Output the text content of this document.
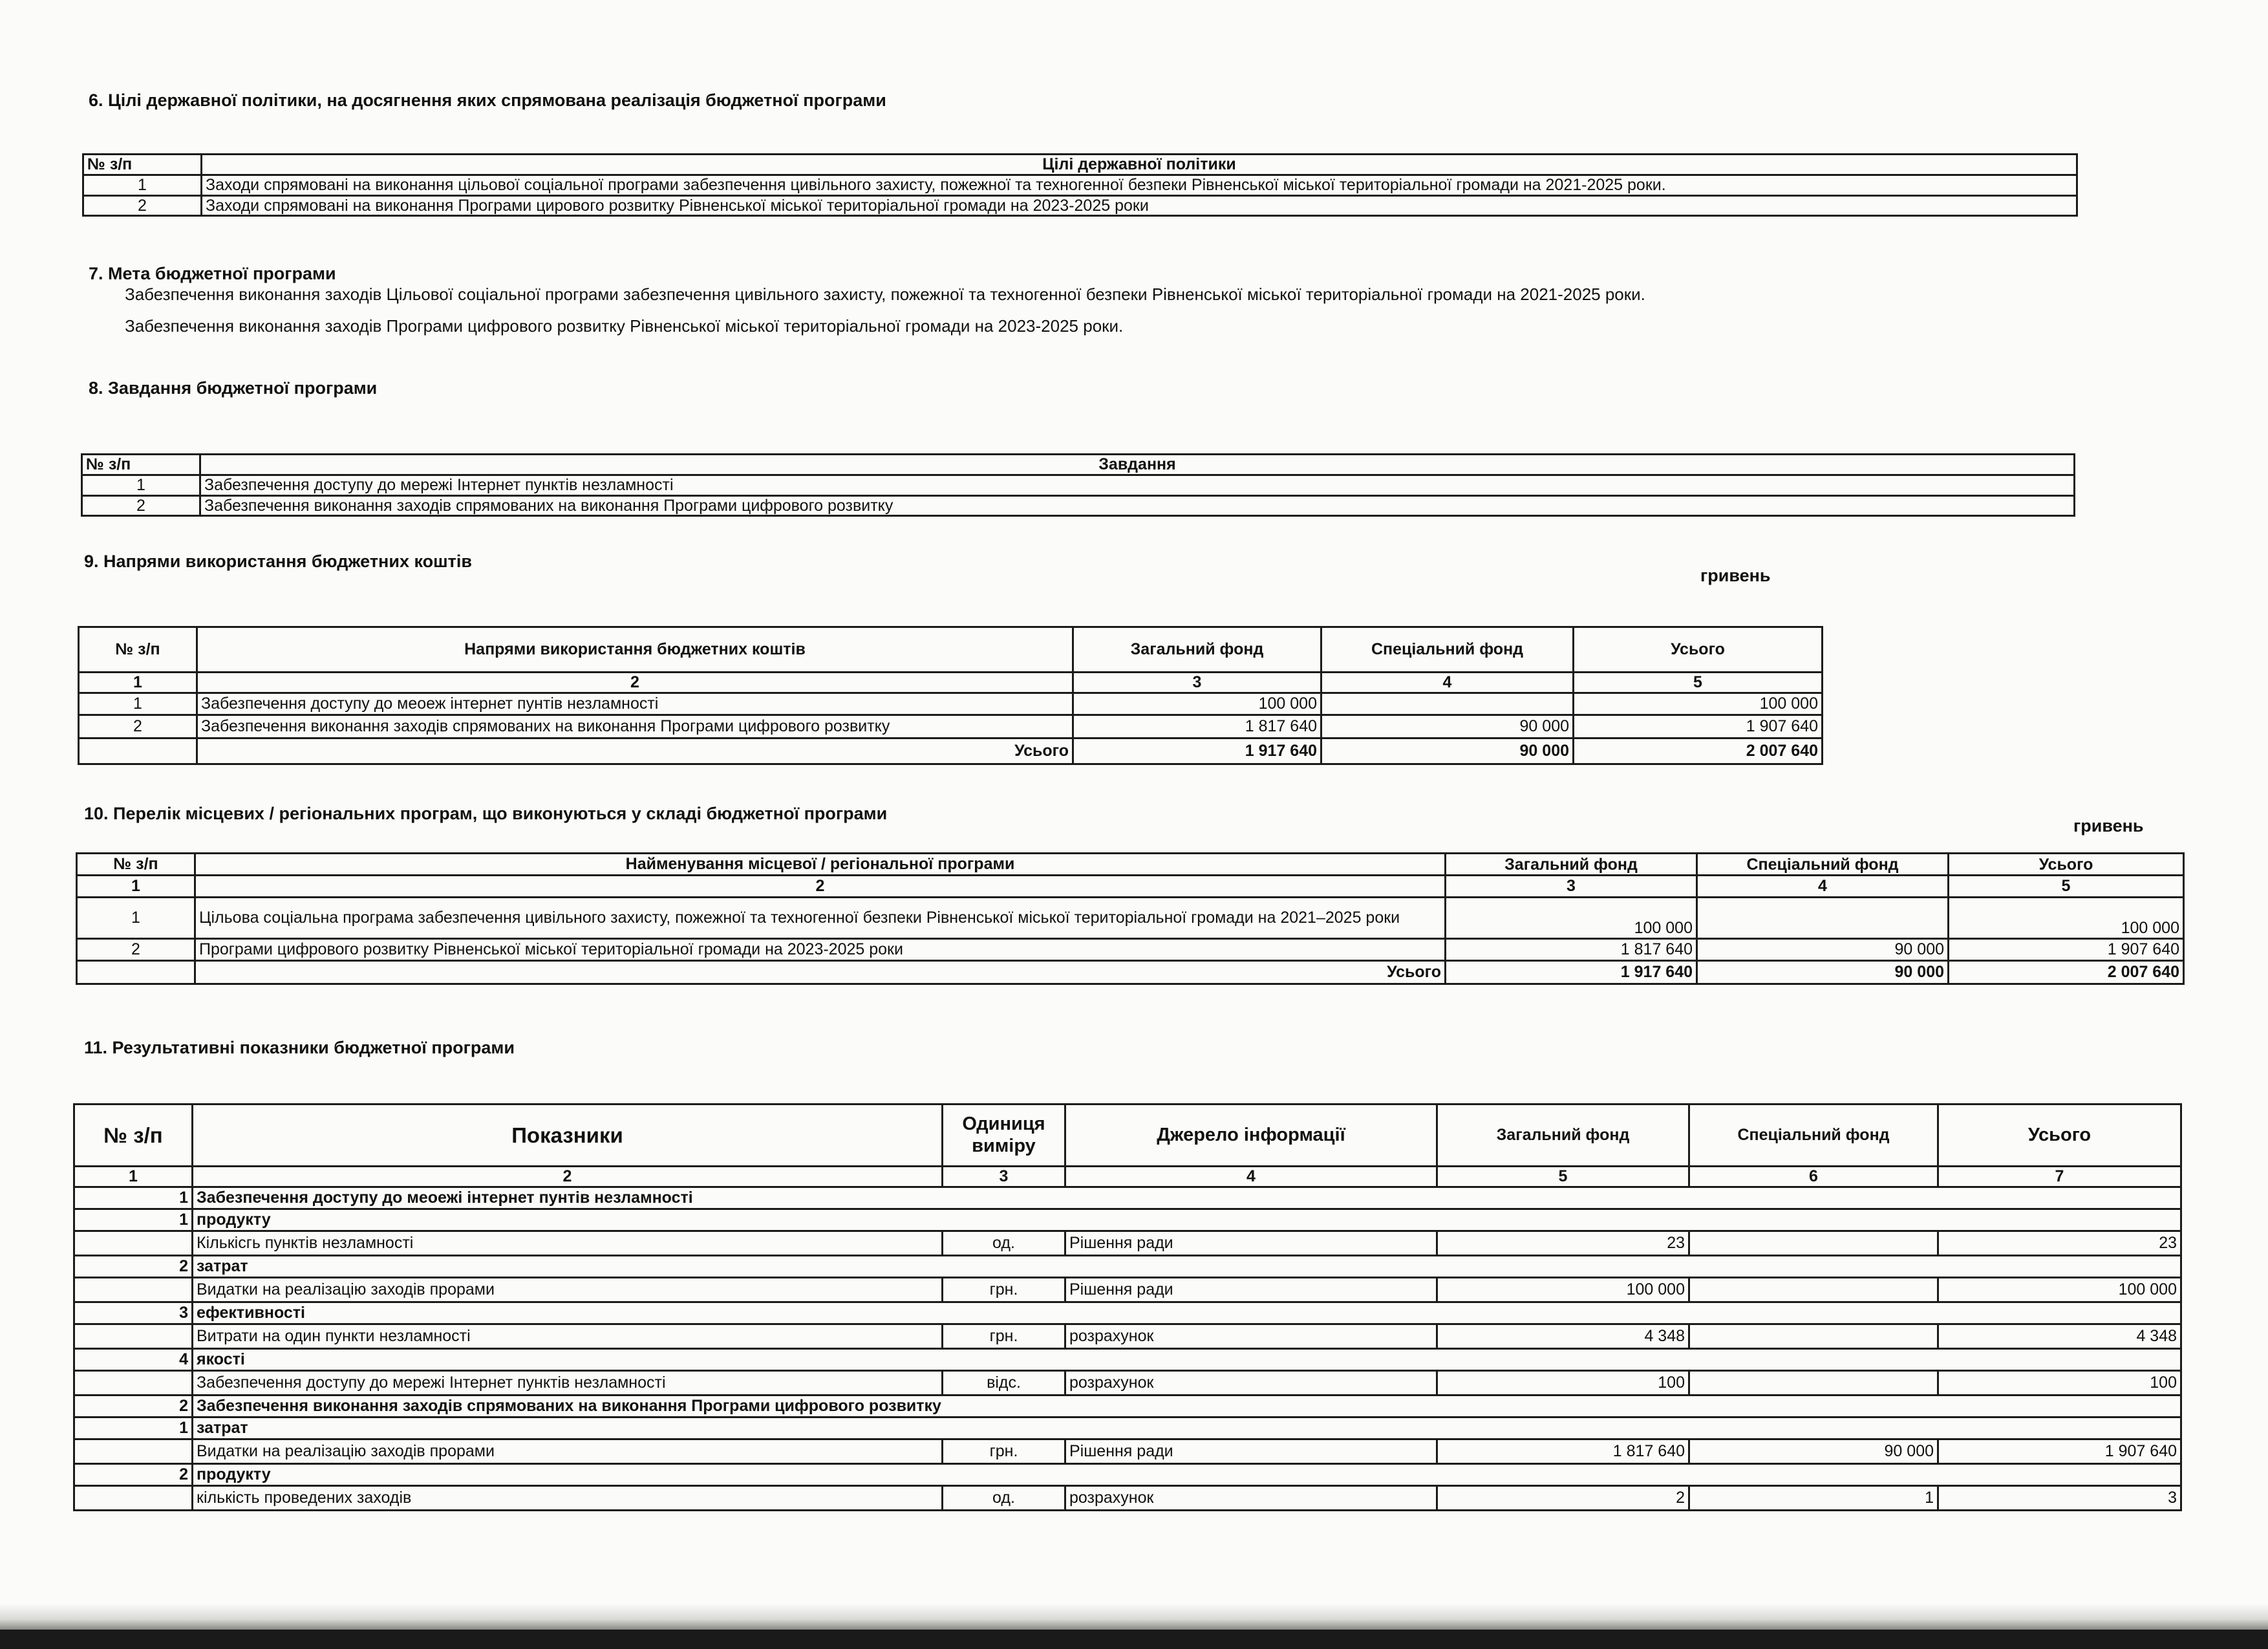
6. Цілі державної політики, на досягнення яких спрямована реалізація бюджетної програми
№ з/п	Цілі державної політики
1	Заходи спрямовані на виконання цільової соціальної програми забезпечення цивільного захисту, пожежної та техногенної безпеки Рівненської міської територіальної громади на 2021-2025 роки.
2	Заходи спрямовані на виконання Програми цирового розвитку Рівненської міської територіальної громади на 2023-2025 роки
7. Мета бюджетної програми
Забезпечення виконання заходів Цільової соціальної програми забезпечення цивільного захисту, пожежної та техногенної безпеки Рівненської міської територіальної громади на 2021-2025 роки.
Забезпечення виконання заходів Програми цифрового розвитку Рівненської міської територіальної громади на 2023-2025 роки.
8. Завдання бюджетної програми
№ з/п	Завдання
1	Забезпечення доступу до мережі Інтернет пунктів незламності
2	Забезпечення виконання заходів спрямованих на виконання Програми цифрового розвитку
9. Напрями використання бюджетних коштів
гривень
№ з/п	Напрями використання бюджетних коштів	Загальний фонд	Спеціальний фонд	Усього
1	2	3	4	5
1	Забезпечення доступу до меоеж інтернет пунтів незламності	100 000		100 000
2	Забезпечення виконання заходів спрямованих на виконання Програми цифрового розвитку	1 817 640	90 000	1 907 640
	Усього	1 917 640	90 000	2 007 640
10. Перелік місцевих / регіональних програм, що виконуються у складі бюджетної програми
гривень
№ з/п	Найменування місцевої / регіональної програми	Загальний фонд	Спеціальний фонд	Усього
1	2	3	4	5
1	Цільова соціальна програма забезпечення цивільного захисту, пожежної та техногенної безпеки Рівненської міської територіальної громади на 2021–2025 роки	100 000		100 000
2	Програми цифрового розвитку Рівненської міської територіальної громади на 2023-2025 роки	1 817 640	90 000	1 907 640
	Усього	1 917 640	90 000	2 007 640
11. Результативні показники бюджетної програми
№ з/п	Показники	Одиниця виміру	Джерело інформації	Загальний фонд	Спеціальний фонд	Усього
1	2	3	4	5	6	7
1	Забезпечення доступу до меоежі інтернет пунтів незламності					
1	продукту					
	Кількісгь пунктів незламності	од.	Рішення ради	23		23
2	затрат					
	Видатки на реалізацію заходів прорами	грн.	Рішення ради	100 000		100 000
3	ефективності					
	Витрати на один пункти незламності	грн.	розрахунок	4 348		4 348
4	якості					
	Забезпечення доступу до мережі Інтернет пунктів незламності	відс.	розрахунок	100		100
2	Забезпечення виконання заходів спрямованих на виконання Програми цифрового розвитку					
1	затрат					
	Видатки на реалізацію заходів прорами	грн.	Рішення ради	1 817 640	90 000	1 907 640
2	продукту					
	кількість проведених заходів	од.	розрахунок	2	1	3
